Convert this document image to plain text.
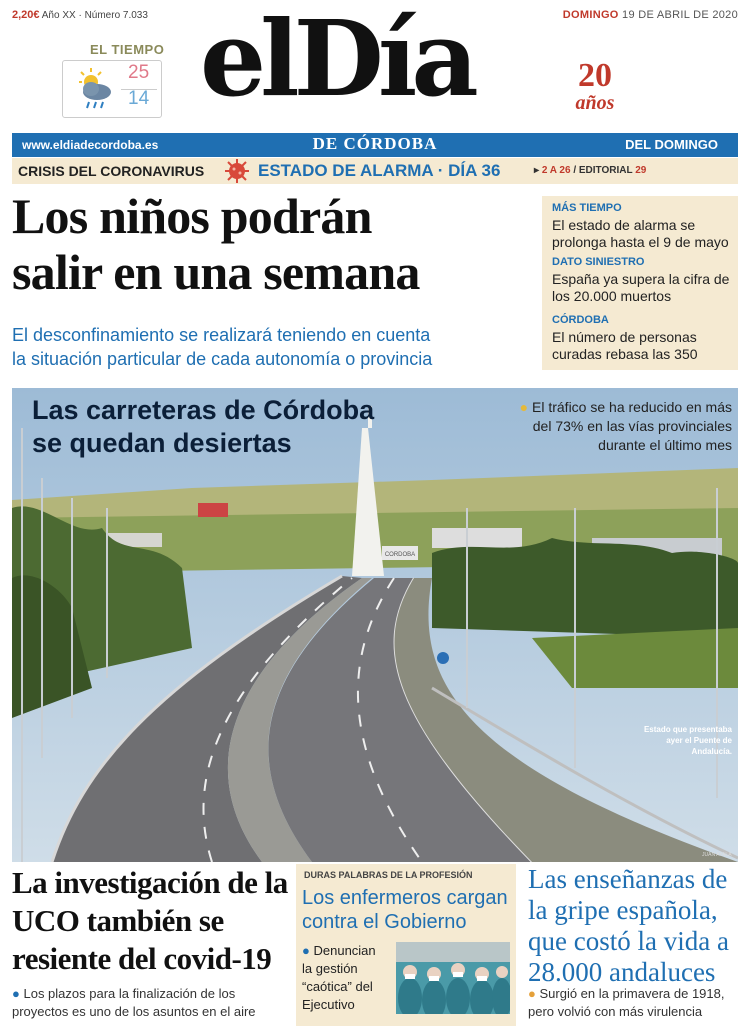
2,20€ Año XX · Número 7.033	DOMINGO 19 DE ABRIL DE 2020
EL TIEMPO
25
14 elDía	20
años
www.eldiadecordoba.es	DE CÓRDOBA	DEL DOMINGO
CRISIS DEL CORONAVIRUS	ESTADO DE ALARMA · DÍA 36	▸ 2 A 26 / EDITORIAL 29
Los niños podrán
salir en una semana
El desconfinamiento se realizará teniendo en cuenta
la situación particular de cada autonomía o provincia
MÁS TIEMPO
El estado de alarma se prolonga hasta el 9 de mayo
DATO SINIESTRO
España ya supera la cifra de los 20.000 muertos
CÓRDOBA
El número de personas curadas rebasa las 350
CORDOBA
Las carreteras de Córdoba
se quedan desiertas
● El tráfico se ha reducido en más del 73% en las vías provinciales durante el último mes
Estado que presentaba ayer el Puente de Andalucía.
JUAN AYALA
La investigación de la UCO también se resiente del covid-19
● Los plazos para la finalización de los proyectos es uno de los asuntos en el aire
DURAS PALABRAS DE LA PROFESIÓN
Los enfermeros cargan contra el Gobierno
● Denuncian la gestión “caótica” del Ejecutivo
Las enseñanzas de la gripe española, que costó la vida a 28.000 andaluces
● Surgió en la primavera de 1918, pero volvió con más virulencia
